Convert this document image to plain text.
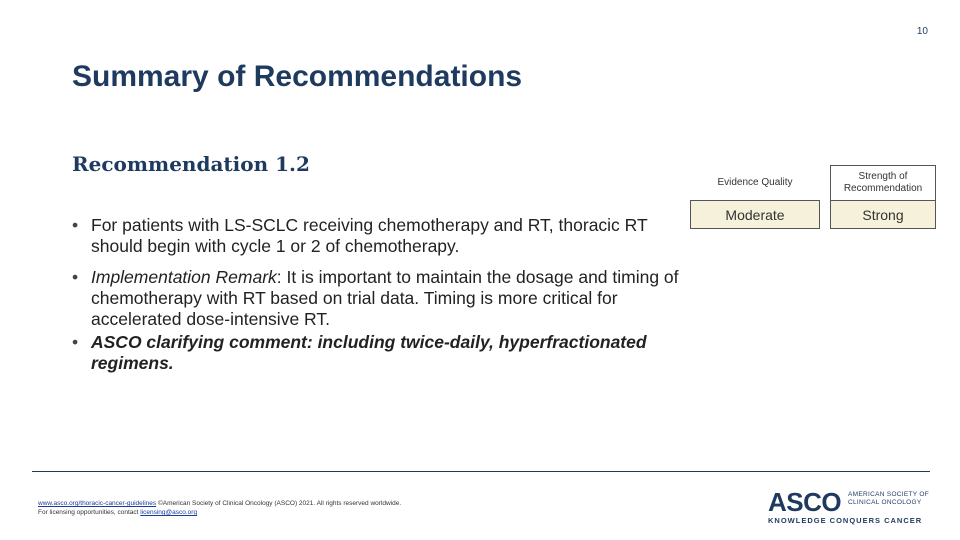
10
Summary of Recommendations
Recommendation 1.2
• For patients with LS-SCLC receiving chemotherapy and RT, thoracic RT should begin with cycle 1 or 2 of chemotherapy.
• Implementation Remark: It is important to maintain the dosage and timing of chemotherapy with RT based on trial data. Timing is more critical for accelerated dose-intensive RT.
• ASCO clarifying comment: including twice-daily, hyperfractionated regimens.
Evidence Quality		Strength of Recommendation
Moderate		Strong
www.asco.org/thoracic-cancer-guidelines ©American Society of Clinical Oncology (ASCO) 2021. All rights reserved worldwide.
For licensing opportunities, contact licensing@asco.org	ASCO AMERICAN SOCIETY OF CLINICAL ONCOLOGY
KNOWLEDGE CONQUERS CANCER
